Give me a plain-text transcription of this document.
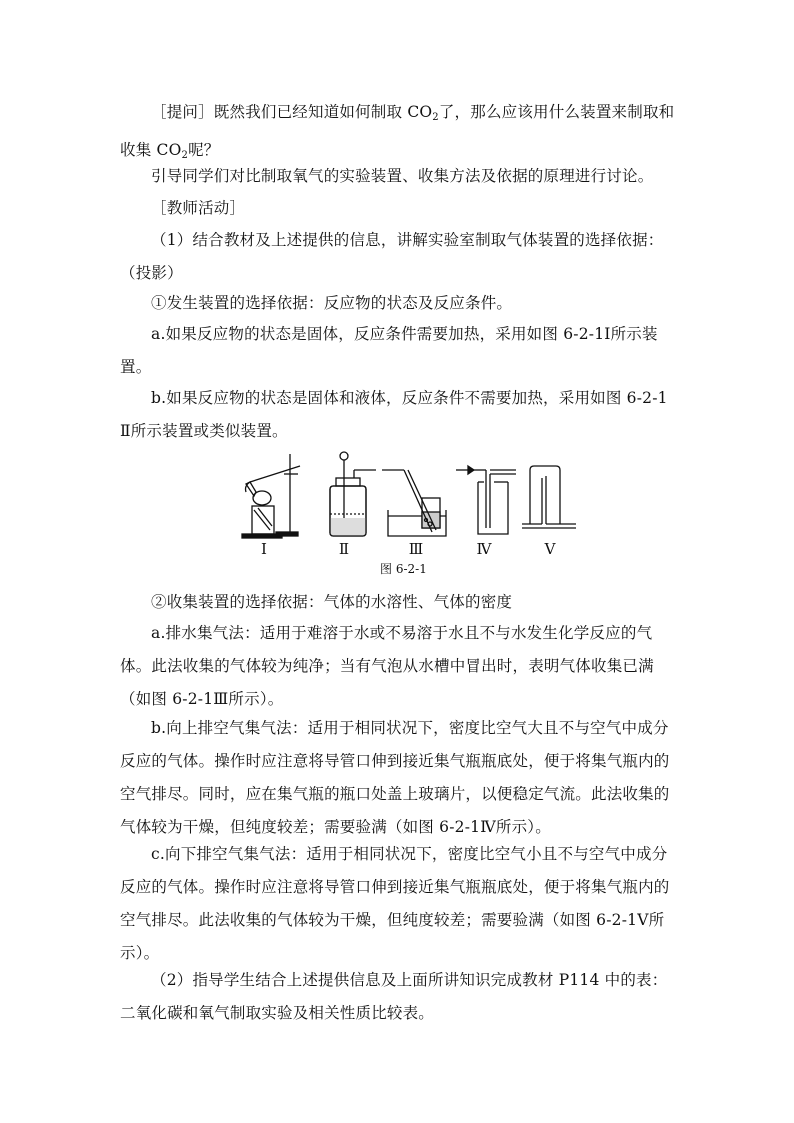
［提问］既然我们已经知道如何制取 $CO_2$了，那么应该用什么装置来制取和收集 $CO_2$呢？
引导同学们对比制取氧气的实验装置、收集方法及依据的原理进行讨论。
［教师活动］
（1）结合教材及上述提供的信息，讲解实验室制取气体装置的选择依据：（投影）
①发生装置的选择依据：反应物的状态及反应条件。
a.如果反应物的状态是固体，反应条件需要加热，采用如图 6-2-1Ⅰ所示装置。
b.如果反应物的状态是固体和液体，反应条件不需要加热，采用如图 6-2-1Ⅱ所示装置或类似装置。
Ⅰ	Ⅱ	Ⅲ	Ⅳ	Ⅴ
图 6-2-1
②收集装置的选择依据：气体的水溶性、气体的密度
a.排水集气法：适用于难溶于水或不易溶于水且不与水发生化学反应的气体。此法收集的气体较为纯净；当有气泡从水槽中冒出时，表明气体收集已满 （如图 6-2-1Ⅲ所示）。
b.向上排空气集气法：适用于相同状况下，密度比空气大且不与空气中成分反应的气体。操作时应注意将导管口伸到接近集气瓶瓶底处，便于将集气瓶内的空气排尽。同时，应在集气瓶的瓶口处盖上玻璃片，以便稳定气流。此法收集的气体较为干燥，但纯度较差；需要验满（如图 6-2-1Ⅳ所示）。
c.向下排空气集气法：适用于相同状况下，密度比空气小且不与空气中成分反应的气体。操作时应注意将导管口伸到接近集气瓶瓶底处，便于将集气瓶内的空气排尽。此法收集的气体较为干燥，但纯度较差；需要验满（如图 6-2-1Ⅴ所示）。
（2）指导学生结合上述提供信息及上面所讲知识完成教材 P114 中的表：二氧化碳和氧气制取实验及相关性质比较表。
